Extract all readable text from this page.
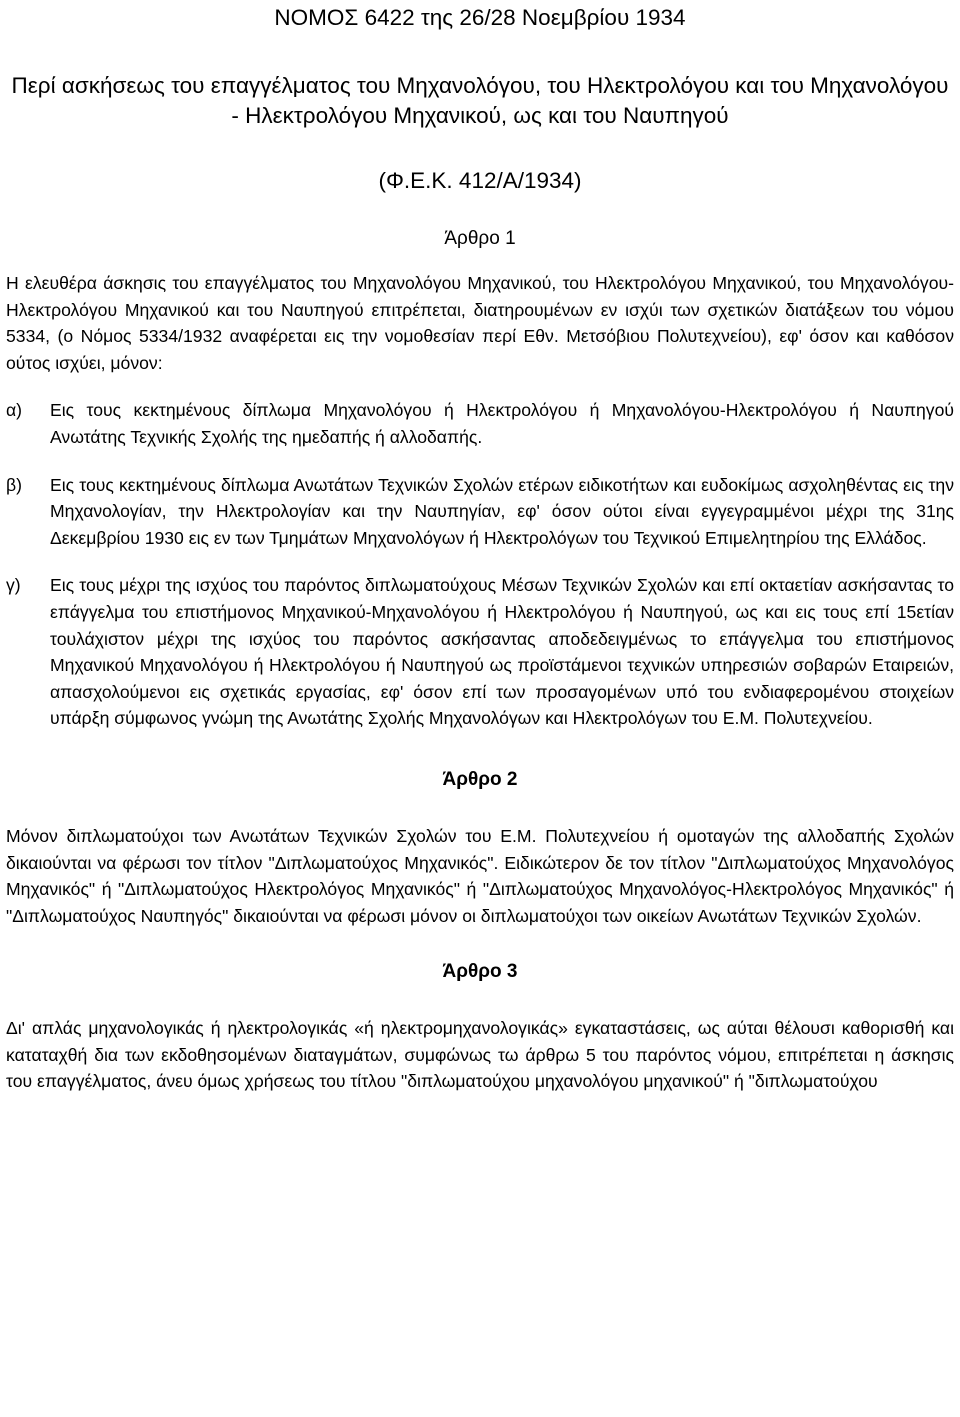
ΝΟΜΟΣ 6422 της 26/28 Νοεμβρίου 1934

Περί ασκήσεως του επαγγέλματος του Μηχανολόγου, του Ηλεκτρολόγου και του Μηχανολόγου - Ηλεκτρολόγου Μηχανικού, ως και του Ναυπηγού

(Φ.Ε.Κ. 412/Α/1934)

Άρθρο 1

Η ελευθέρα άσκησις του επαγγέλματος του Μηχανολόγου Μηχανικού, του Ηλεκτρολόγου Μηχανικού, του Μηχανολόγου-Ηλεκτρολόγου Μηχανικού και του Ναυπηγού επιτρέπεται, διατηρουμένων εν ισχύι των σχετικών διατάξεων του νόμου 5334, (ο Νόμος 5334/1932 αναφέρεται εις την νομοθεσίαν περί Εθν. Μετσόβιου Πολυτεχνείου), εφ' όσον και καθόσον ούτος ισχύει, μόνον:

α)	Εις τους κεκτημένους δίπλωμα Μηχανολόγου ή Ηλεκτρολόγου ή Μηχανολόγου-Ηλεκτρολόγου ή Ναυπηγού Ανωτάτης Τεχνικής Σχολής της ημεδαπής ή αλλοδαπής.
β)	Εις τους κεκτημένους δίπλωμα Ανωτάτων Τεχνικών Σχολών ετέρων ειδικοτήτων και ευδοκίμως ασχοληθέντας εις την Μηχανολογίαν, την Ηλεκτρολογίαν και την Ναυπηγίαν, εφ' όσον ούτοι είναι εγγεγραμμένοι μέχρι της 31ης Δεκεμβρίου 1930 εις εν των Τμημάτων Μηχανολόγων ή Ηλεκτρολόγων του Τεχνικού Επιμελητηρίου της Ελλάδος.
γ)	Εις τους μέχρι της ισχύος του παρόντος διπλωματούχους Μέσων Τεχνικών Σχολών και επί οκταετίαν ασκήσαντας το επάγγελμα του επιστήμονος Μηχανικού-Μηχανολόγου ή Ηλεκτρολόγου ή Ναυπηγού, ως και εις τους επί 15ετίαν τουλάχιστον μέχρι της ισχύος του παρόντος ασκήσαντας αποδεδειγμένως το επάγγελμα του επιστήμονος Μηχανικού Μηχανολόγου ή Ηλεκτρολόγου ή Ναυπηγού ως προϊστάμενοι τεχνικών υπηρεσιών σοβαρών Εταιρειών, απασχολούμενοι εις σχετικάς εργασίας, εφ' όσον επί των προσαγομένων υπό του ενδιαφερομένου στοιχείων υπάρξη σύμφωνος γνώμη της Ανωτάτης Σχολής Μηχανολόγων και Ηλεκτρολόγων του Ε.Μ. Πολυτεχνείου.

Άρθρο 2

Μόνον διπλωματούχοι των Ανωτάτων Τεχνικών Σχολών του Ε.Μ. Πολυτεχνείου ή ομοταγών της αλλοδαπής Σχολών δικαιούνται να φέρωσι τον τίτλον "Διπλωματούχος Μηχανικός". Ειδικώτερον δε τον τίτλον "Διπλωματούχος Μηχανολόγος Μηχανικός" ή "Διπλωματούχος Ηλεκτρολόγος Μηχανικός" ή "Διπλωματούχος Μηχανολόγος-Ηλεκτρολόγος Μηχανικός" ή "Διπλωματούχος Ναυπηγός" δικαιούνται να φέρωσι μόνον οι διπλωματούχοι των οικείων Ανωτάτων Τεχνικών Σχολών.

Άρθρο 3

Δι' απλάς μηχανολογικάς ή ηλεκτρολογικάς «ή ηλεκτρομηχανολογικάς» εγκαταστάσεις, ως αύται θέλουσι καθορισθή και καταταχθή δια των εκδοθησομένων διαταγμάτων, συμφώνως τω άρθρω 5 του παρόντος νόμου, επιτρέπεται η άσκησις του επαγγέλματος, άνευ όμως χρήσεως του τίτλου "διπλωματούχου μηχανολόγου μηχανικού" ή "διπλωματούχου
